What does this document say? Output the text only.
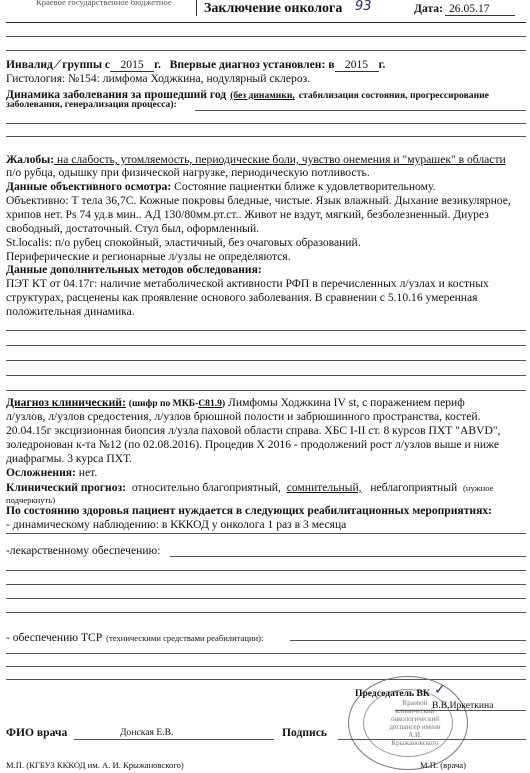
Краевое государственное бюджетное Заключение онколога 93	Дата: 26.05.17
Инвалид ⁄ группы с 2015 г. Впервые диагноз установлен: в 2015 г.
Гистология: №154: лимфома Ходжкина, нодулярный склероз.
Динамика заболевания за прошедший год (без динамики, стабилизация состояния, прогрессирование
заболевания, генерализация процесса):
Жалобы: на слабость, утомляемость, периодические боли, чувство онемения и "мурашек" в области
п/о рубца, одышку при физической нагрузке, периодическую потливость.
Данные объективного осмотра: Состояние пациентки ближе к удовлетворительному.
Объективно: Т тела 36,7С. Кожные покровы бледные, чистые. Язык влажный. Дыхание везикулярное,
хрипов нет. Ps 74 уд.в мин.. АД 130/80мм.рт.ст.. Живот не вздут, мягкий, безболезненный. Диурез
свободный, достаточный. Стул был, оформленный.
St.localis: п/о рубец спокойный, эластичный, без очаговых образований.
Периферические и регионарные л/узлы не определяются.
Данные дополнительных методов обследования:
ПЭТ КТ от 04.17г: наличие метаболической активности РФП в перечисленных л/узлах и костных
структурах, расценены как проявление основого заболевания. В сравнении с 5.10.16 умеренная
положительная динамика.
Диагноз клинический: (шифр по МКБ-C81.9) Лимфомы Ходжкина IV st, с поражением периф
л/узлов, л/узлов средостения, л/узлов брюшной полости и забрюшинного пространства, костей.
20.04.15г эксцизионная биопсия л/узла паховой области справа. ХБС I-II ст. 8 курсов ПХТ "ABVD",
золедронован к-та №12 (по 02.08.2016). Процедив X 2016 - продолжений рост л/узлов выше и ниже
диафрагмы. 3 курса ПХТ.
Осложнения: нет.
Клинический прогноз: относительно благоприятный, сомнительный, неблагоприятный (нужное
подчеркнуть)
По состоянию здоровья пациент нуждается в следующих реабилитационных мероприятиях:
- динамическому наблюдению: в КККОД у онколога 1 раз в 3 месяца
-лекарственному обеспечению:
- обеспечению ТСР (техническими средствами реабилитации):
Краевой
клинический
онкологический
диспансер имени
А.И. Крыжановского
Председатель ВК ✓
В.В.Иркеткина
ФИО врача	Донская Е.В.	Подпись
М.П. (КГБУЗ КККОД им. А. И. Крыжановского)	М.П. (врача)
